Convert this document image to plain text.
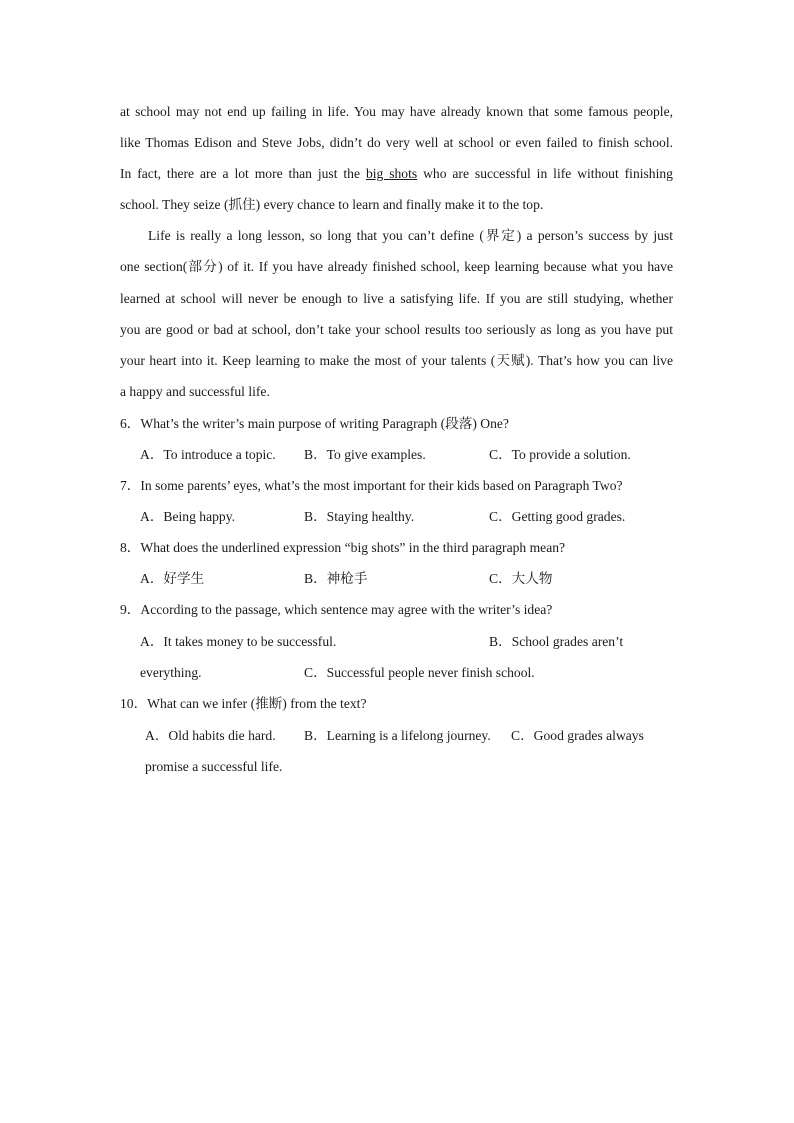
at school may not end up failing in life. You may have already known that some famous people,
like Thomas Edison and Steve Jobs, didn’t do very well at school or even failed to finish school.
In fact, there are a lot more than just the big shots who are successful in life without finishing
school. They seize (抓住) every chance to learn and finally make it to the top.
Life is really a long lesson, so long that you can’t define (界定) a person’s success by just
one section(部分) of it. If you have already finished school, keep learning because what you have
learned at school will never be enough to live a satisfying life. If you are still studying, whether
you are good or bad at school, don’t take your school results too seriously as long as you have put
your heart into it. Keep learning to make the most of your talents (天赋). That’s how you can live
a happy and successful life.
6．What’s the writer’s main purpose of writing Paragraph (段落) One?
A．To introduce a topic. B．To give examples.	C．To provide a solution.
7．In some parents’ eyes, what’s the most important for their kids based on Paragraph Two?
A．Being happy.	B．Staying healthy.	C．Getting good grades.
8．What does the underlined expression “big shots” in the third paragraph mean?
A．好学生	B．神枪手	C．大人物
9．According to the passage, which sentence may agree with the writer’s idea?
A．It takes money to be successful.	B．School grades aren’t
everything.	C．Successful people never finish school.
10．What can we infer (推断) from the text?
A．Old habits die hard. B．Learning is a lifelong journey. C．Good grades always
promise a successful life.
